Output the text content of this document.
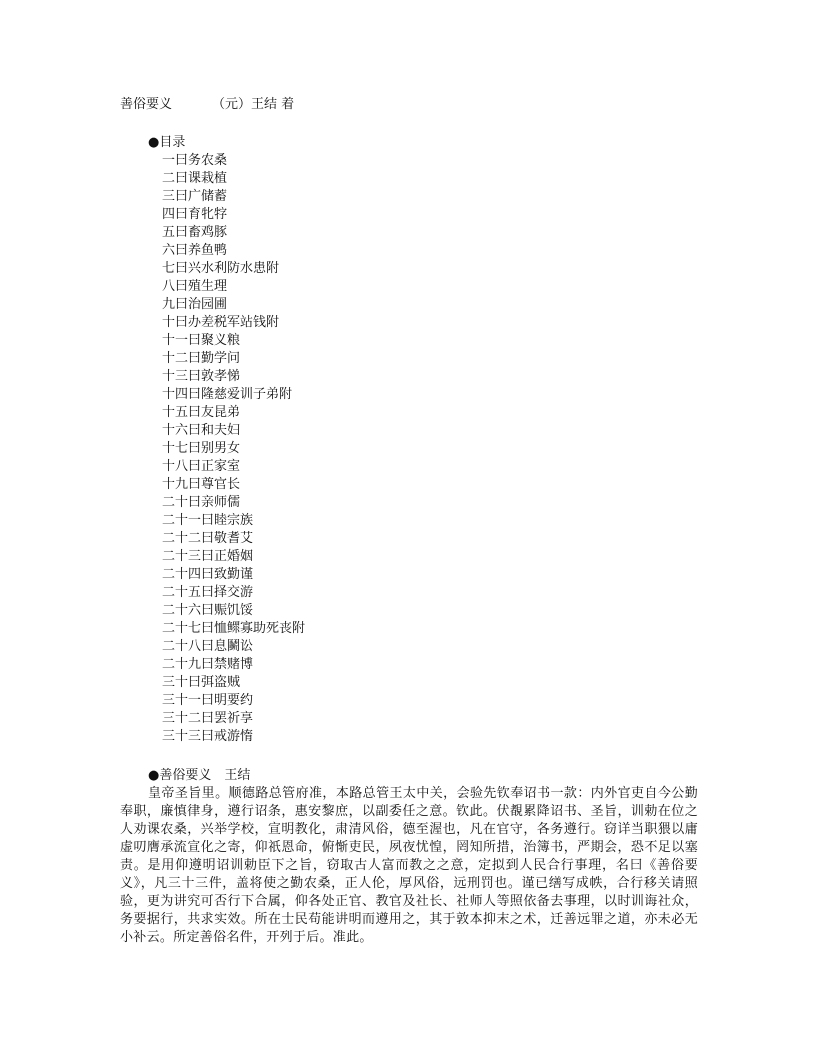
善俗要义	（元）王结 着
●目录
一曰务农桑
二曰课栽植
三曰广储蓄
四曰育牝牸
五曰畜鸡豚
六曰养鱼鸭
七曰兴水利防水患附
八曰殖生理
九曰治园圃
十曰办差税军站钱附
十一曰聚义粮
十二曰勤学问
十三曰敦孝悌
十四曰隆慈爱训子弟附
十五曰友昆弟
十六曰和夫妇
十七曰别男女
十八曰正家室
十九曰尊官长
二十曰亲师儒
二十一曰睦宗族
二十二曰敬耆艾
二十三曰正婚姻
二十四曰致勤谨
二十五曰择交游
二十六曰赈饥馁
二十七曰恤鳏寡助死丧附
二十八曰息鬭讼
二十九曰禁赌博
三十曰弭盗贼
三十一曰明要约
三十二曰罢祈享
三十三曰戒游惰
●善俗要义　王结

皇帝圣旨里。顺德路总管府准，本路总管王太中关，会验先钦奉诏书一款：内外官吏自今公勤奉职，廉慎律身，遵行诏条，惠安黎庶，以副委任之意。钦此。伏覩累降诏书、圣旨，训勅在位之人劝课农桑，兴举学校，宣明教化，肃清风俗，德至渥也，凡在官守，各务遵行。窃详当职猥以庸虚叨膺承流宣化之寄，仰祇恩命，俯惭吏民，夙夜忧惶，罔知所措，治簿书，严期会，恐不足以塞责。是用仰遵明诏训勅臣下之旨，窃取古人富而教之之意，定拟到人民合行事理，名曰《善俗要义》，凡三十三件，盖将使之勤农桑，正人伦，厚风俗，远刑罚也。谨已缮写成帙，合行移关请照验，更为讲究可否行下合属，仰各处正官、教官及社长、社师人等照依备去事理，以时训诲社众，务要据行，共求实效。所在士民苟能讲明而遵用之，其于敦本抑末之术，迁善远罪之道，亦未必无小补云。所定善俗名件，开列于后。准此。
